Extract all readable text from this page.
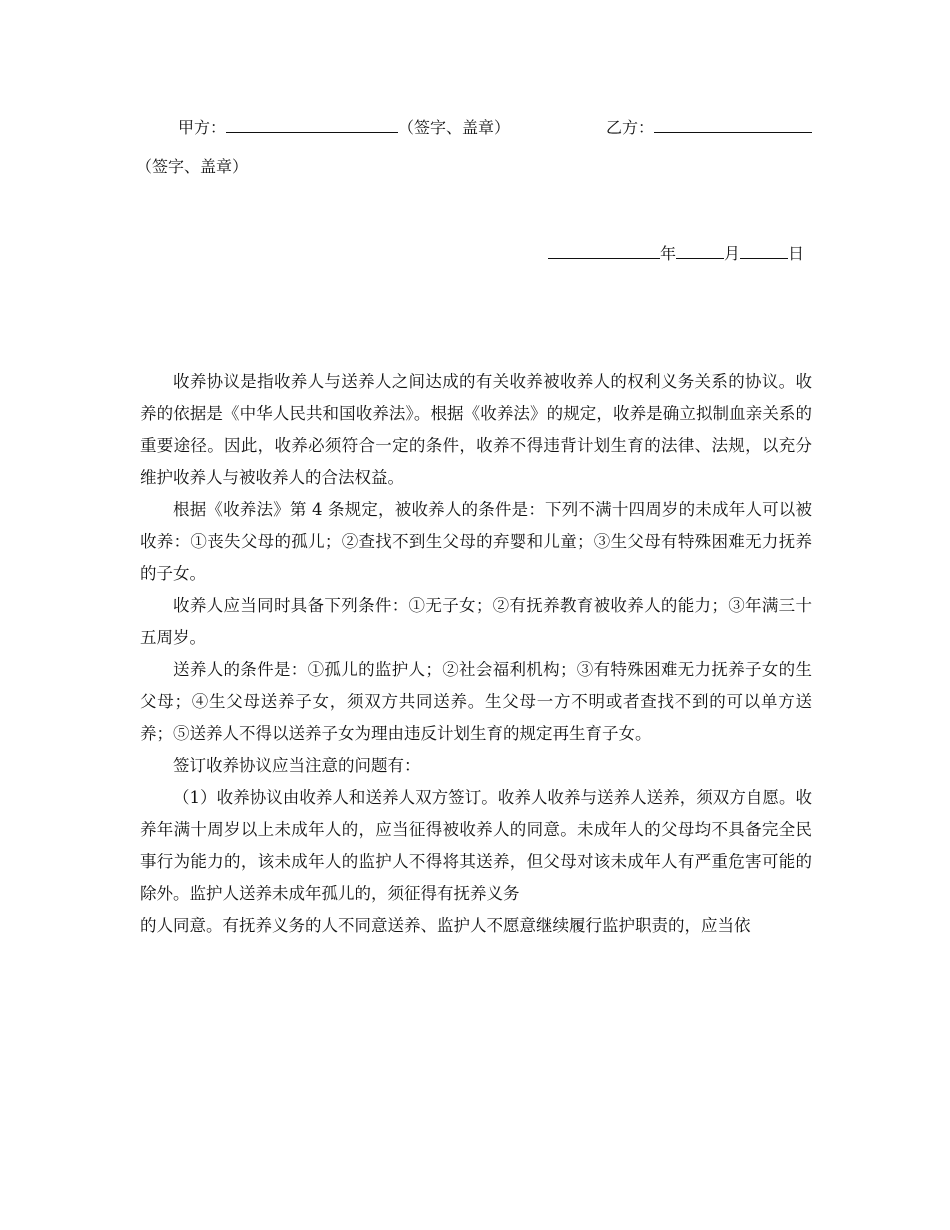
甲方：	（签字、盖章）	乙方：
（签字、盖章）
年	月	日

收养协议是指收养人与送养人之间达成的有关收养被收养人的权利义务关系的协议。收养的依据是《中华人民共和国收养法》。根据《收养法》的规定，收养是确立拟制血亲关系的重要途径。因此，收养必须符合一定的条件，收养不得违背计划生育的法律、法规，以充分维护收养人与被收养人的合法权益。

根据《收养法》第 4 条规定，被收养人的条件是：下列不满十四周岁的未成年人可以被收养：①丧失父母的孤儿；②查找不到生父母的弃婴和儿童；③生父母有特殊困难无力抚养的子女。

收养人应当同时具备下列条件：①无子女；②有抚养教育被收养人的能力；③年满三十五周岁。

送养人的条件是：①孤儿的监护人；②社会福利机构；③有特殊困难无力抚养子女的生父母；④生父母送养子女，须双方共同送养。生父母一方不明或者查找不到的可以单方送养；⑤送养人不得以送养子女为理由违反计划生育的规定再生育子女。

签订收养协议应当注意的问题有：

（1）收养协议由收养人和送养人双方签订。收养人收养与送养人送养，须双方自愿。收养年满十周岁以上未成年人的，应当征得被收养人的同意。未成年人的父母均不具备完全民事行为能力的，该未成年人的监护人不得将其送养，但父母对该未成年人有严重危害可能的除外。监护人送养未成年孤儿的，须征得有抚养义务

的人同意。有抚养义务的人不同意送养、监护人不愿意继续履行监护职责的，应当依
